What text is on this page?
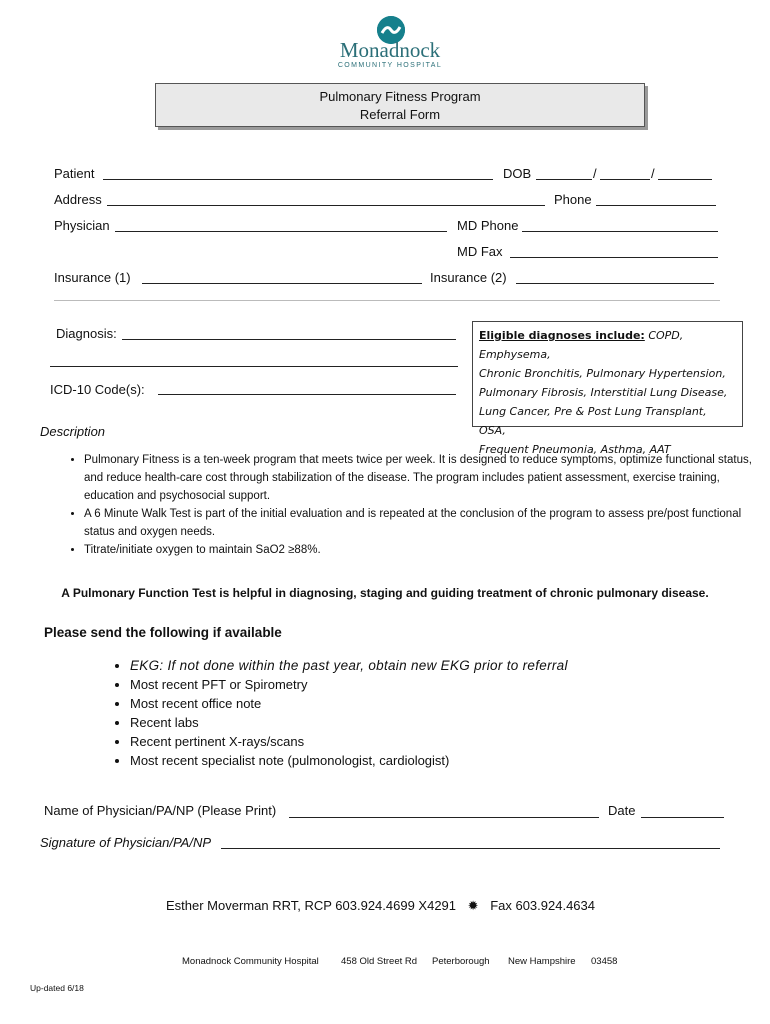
Monadnock
COMMUNITY HOSPITAL
Pulmonary Fitness Program
Referral Form
Patient	DOB	/	/
Address	Phone
Physician	MD Phone
MD Fax
Insurance (1)	Insurance (2)
Diagnosis:
ICD-10 Code(s):
Eligible diagnoses include: COPD, Emphysema,
Chronic Bronchitis, Pulmonary Hypertension,
Pulmonary Fibrosis, Interstitial Lung Disease,
Lung Cancer, Pre & Post Lung Transplant, OSA,
Frequent Pneumonia, Asthma, AAT
Description
• Pulmonary Fitness is a ten-week program that meets twice per week. It is designed to reduce symptoms, optimize functional status, and reduce health-care cost through stabilization of the disease. The program includes patient assessment, exercise training, education and psychosocial support.
• A 6 Minute Walk Test is part of the initial evaluation and is repeated at the conclusion of the program to assess pre/post functional status and oxygen needs.
• Titrate/initiate oxygen to maintain SaO2 ≥88%.
A Pulmonary Function Test is helpful in diagnosing, staging and guiding treatment of chronic pulmonary disease.
Please send the following if available
• EKG: If not done within the past year, obtain new EKG prior to referral
• Most recent PFT or Spirometry
• Most recent office note
• Recent labs
• Recent pertinent X-rays/scans
• Most recent specialist note (pulmonologist, cardiologist)
Name of Physician/PA/NP (Please Print)	Date
Signature of Physician/PA/NP
Esther Moverman RRT, RCP 603.924.4699 X4291 ✹ Fax 603.924.4634
Monadnock Community Hospital 458 Old Street Rd Peterborough New Hampshire 03458
Up-dated 6/18
